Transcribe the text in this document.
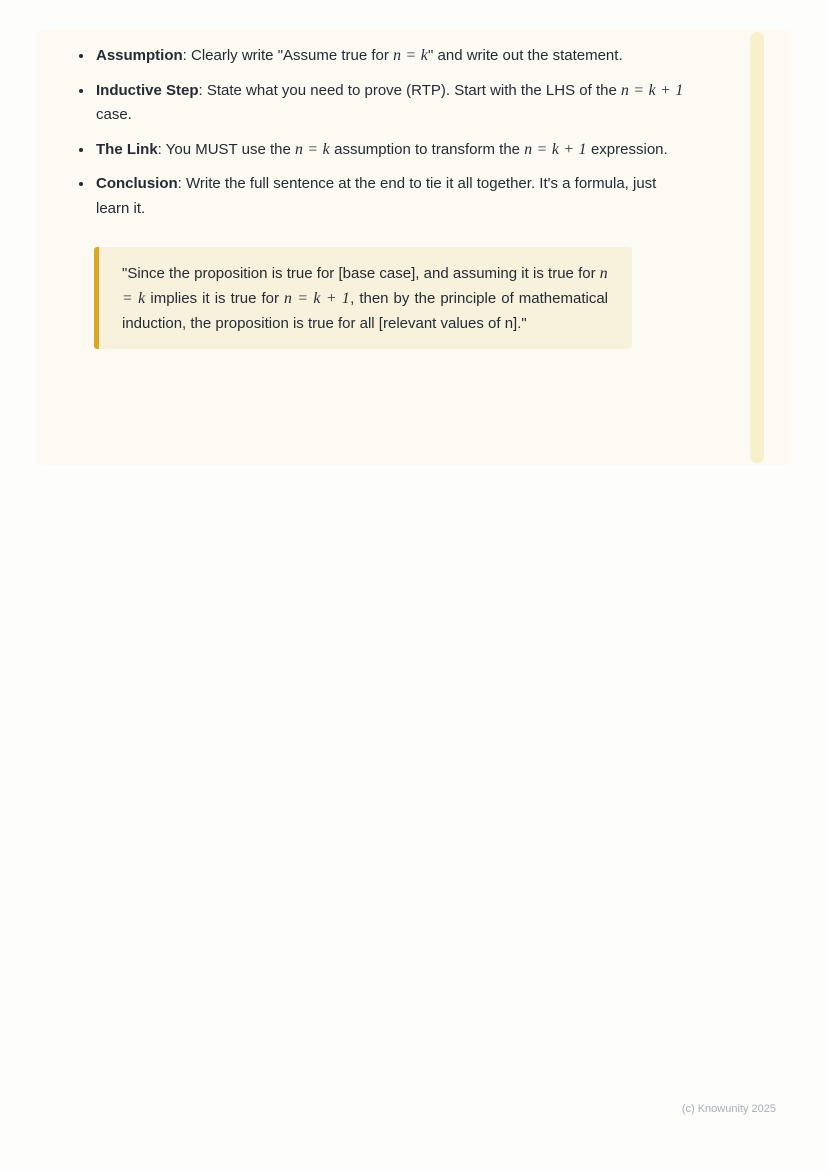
• Assumption: Clearly write "Assume true for n = k" and write out the statement.
• Inductive Step: State what you need to prove (RTP). Start with the LHS of the n = k + 1 case.
• The Link: You MUST use the n = k assumption to transform the n = k + 1 expression.
• Conclusion: Write the full sentence at the end to tie it all together. It's a formula, just learn it.

"Since the proposition is true for [base case], and assuming it is true for n = k implies it is true for n = k + 1, then by the principle of mathematical induction, the proposition is true for all [relevant values of n]."

(c) Knowunity 2025
